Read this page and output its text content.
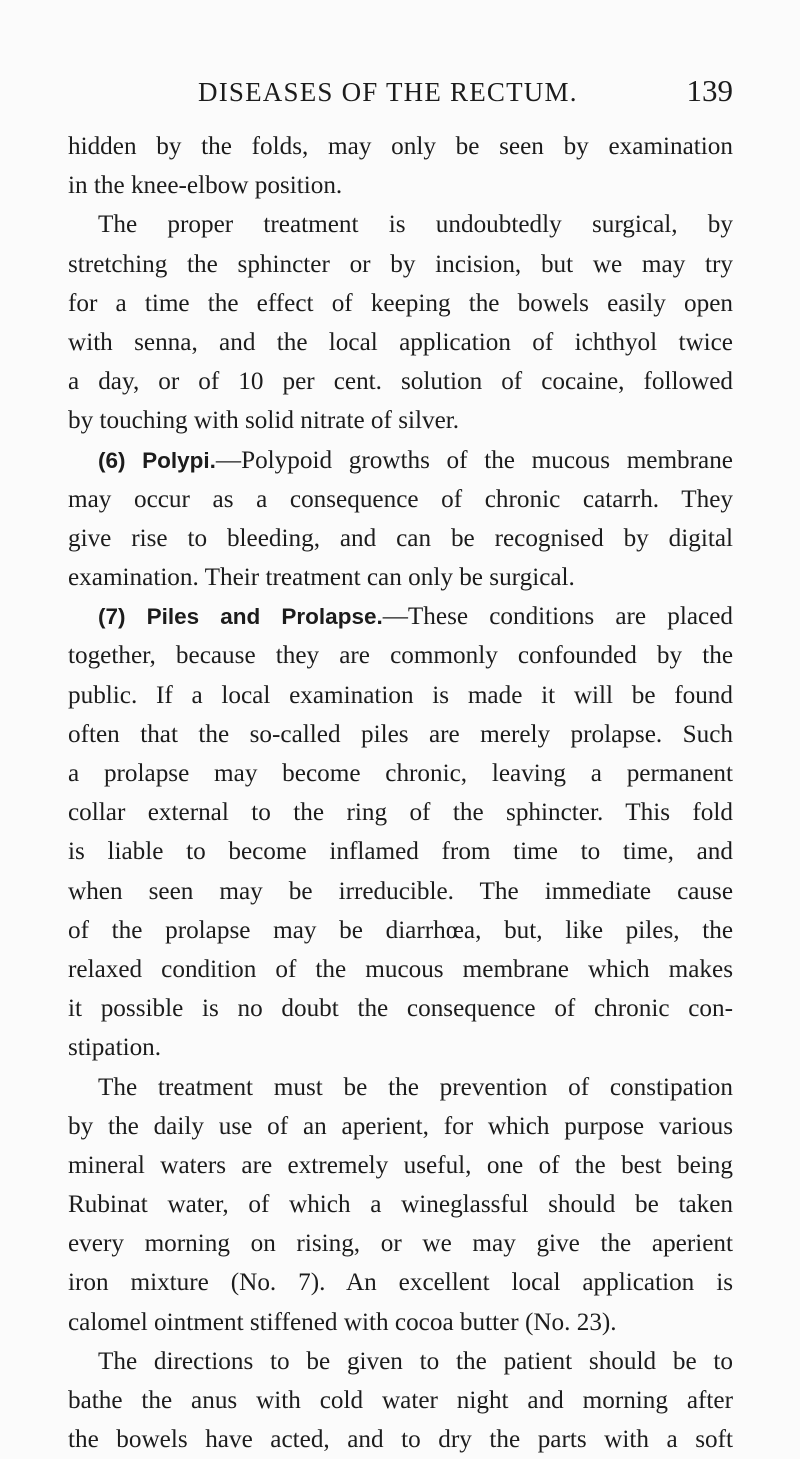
DISEASES OF THE RECTUM.	139
hidden by the folds, may only be seen by examination
in the knee-elbow position.
The proper treatment is undoubtedly surgical, by
stretching the sphincter or by incision, but we may try
for a time the effect of keeping the bowels easily open
with senna, and the local application of ichthyol twice
a day, or of 10 per cent. solution of cocaine, followed
by touching with solid nitrate of silver.
(6) Polypi.—Polypoid growths of the mucous membrane
may occur as a consequence of chronic catarrh. They
give rise to bleeding, and can be recognised by digital
examination. Their treatment can only be surgical.
(7) Piles and Prolapse.—These conditions are placed
together, because they are commonly confounded by the
public. If a local examination is made it will be found
often that the so-called piles are merely prolapse. Such
a prolapse may become chronic, leaving a permanent
collar external to the ring of the sphincter. This fold
is liable to become inflamed from time to time, and
when seen may be irreducible. The immediate cause
of the prolapse may be diarrhœa, but, like piles, the
relaxed condition of the mucous membrane which makes
it possible is no doubt the consequence of chronic con-
stipation.
The treatment must be the prevention of constipation
by the daily use of an aperient, for which purpose various
mineral waters are extremely useful, one of the best being
Rubinat water, of which a wineglassful should be taken
every morning on rising, or we may give the aperient
iron mixture (No. 7). An excellent local application is
calomel ointment stiffened with cocoa butter (No. 23).
The directions to be given to the patient should be to
bathe the anus with cold water night and morning after
the bowels have acted, and to dry the parts with a soft
